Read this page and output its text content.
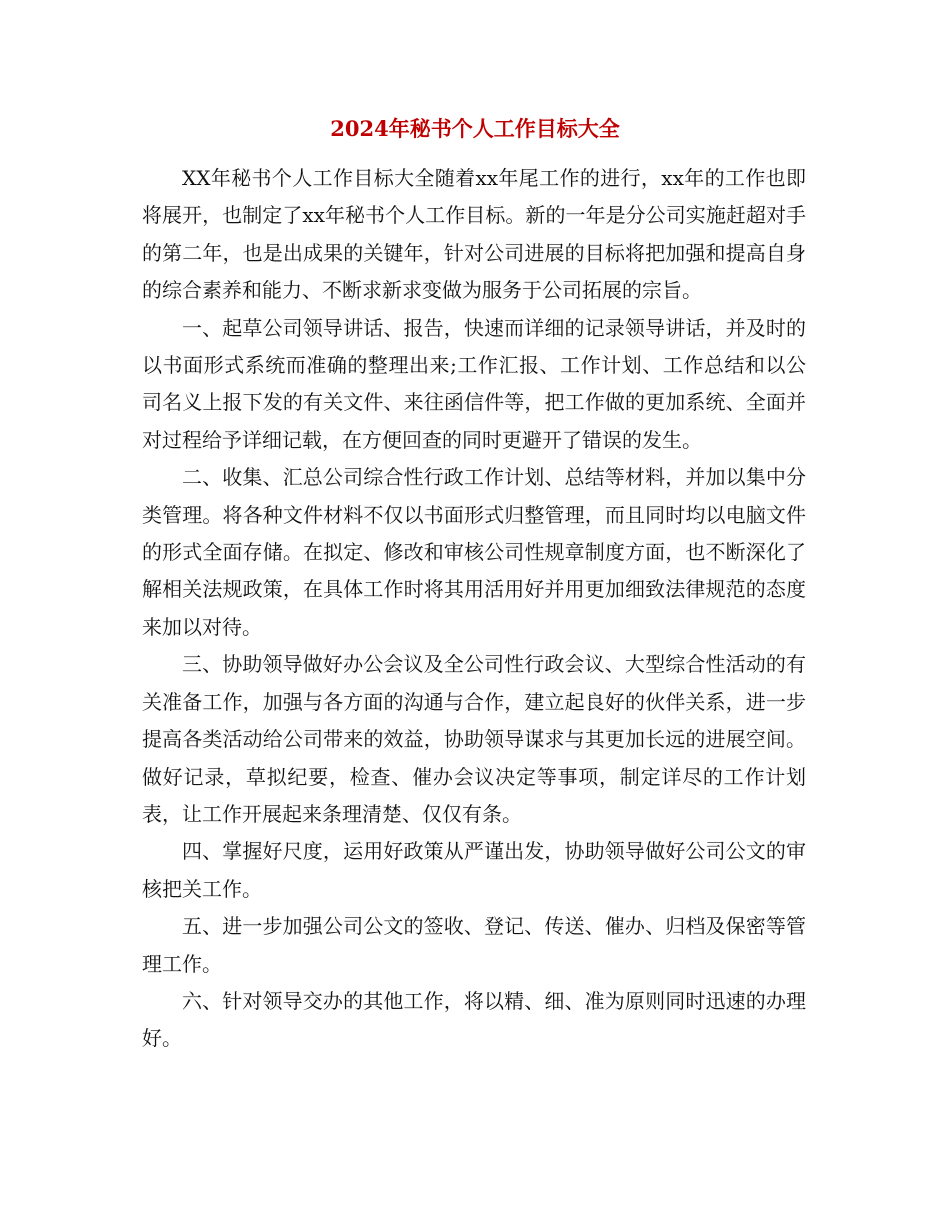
2024年秘书个人工作目标大全

XX年秘书个人工作目标大全随着xx年尾工作的进行，xx年的工作也即将展开，也制定了xx年秘书个人工作目标。新的一年是分公司实施赶超对手的第二年，也是出成果的关键年，针对公司进展的目标将把加强和提高自身的综合素养和能力、不断求新求变做为服务于公司拓展的宗旨。

一、起草公司领导讲话、报告，快速而详细的记录领导讲话，并及时的以书面形式系统而准确的整理出来;工作汇报、工作计划、工作总结和以公司名义上报下发的有关文件、来往函信件等，把工作做的更加系统、全面并对过程给予详细记载，在方便回查的同时更避开了错误的发生。

二、收集、汇总公司综合性行政工作计划、总结等材料，并加以集中分类管理。将各种文件材料不仅以书面形式归整管理，而且同时均以电脑文件的形式全面存储。在拟定、修改和审核公司性规章制度方面，也不断深化了解相关法规政策，在具体工作时将其用活用好并用更加细致法律规范的态度来加以对待。

三、协助领导做好办公会议及全公司性行政会议、大型综合性活动的有关准备工作，加强与各方面的沟通与合作，建立起良好的伙伴关系，进一步提高各类活动给公司带来的效益，协助领导谋求与其更加长远的进展空间。做好记录，草拟纪要，检查、催办会议决定等事项，制定详尽的工作计划表，让工作开展起来条理清楚、仅仅有条。

四、掌握好尺度，运用好政策从严谨出发，协助领导做好公司公文的审核把关工作。

五、进一步加强公司公文的签收、登记、传送、催办、归档及保密等管理工作。

六、针对领导交办的其他工作，将以精、细、准为原则同时迅速的办理好。
